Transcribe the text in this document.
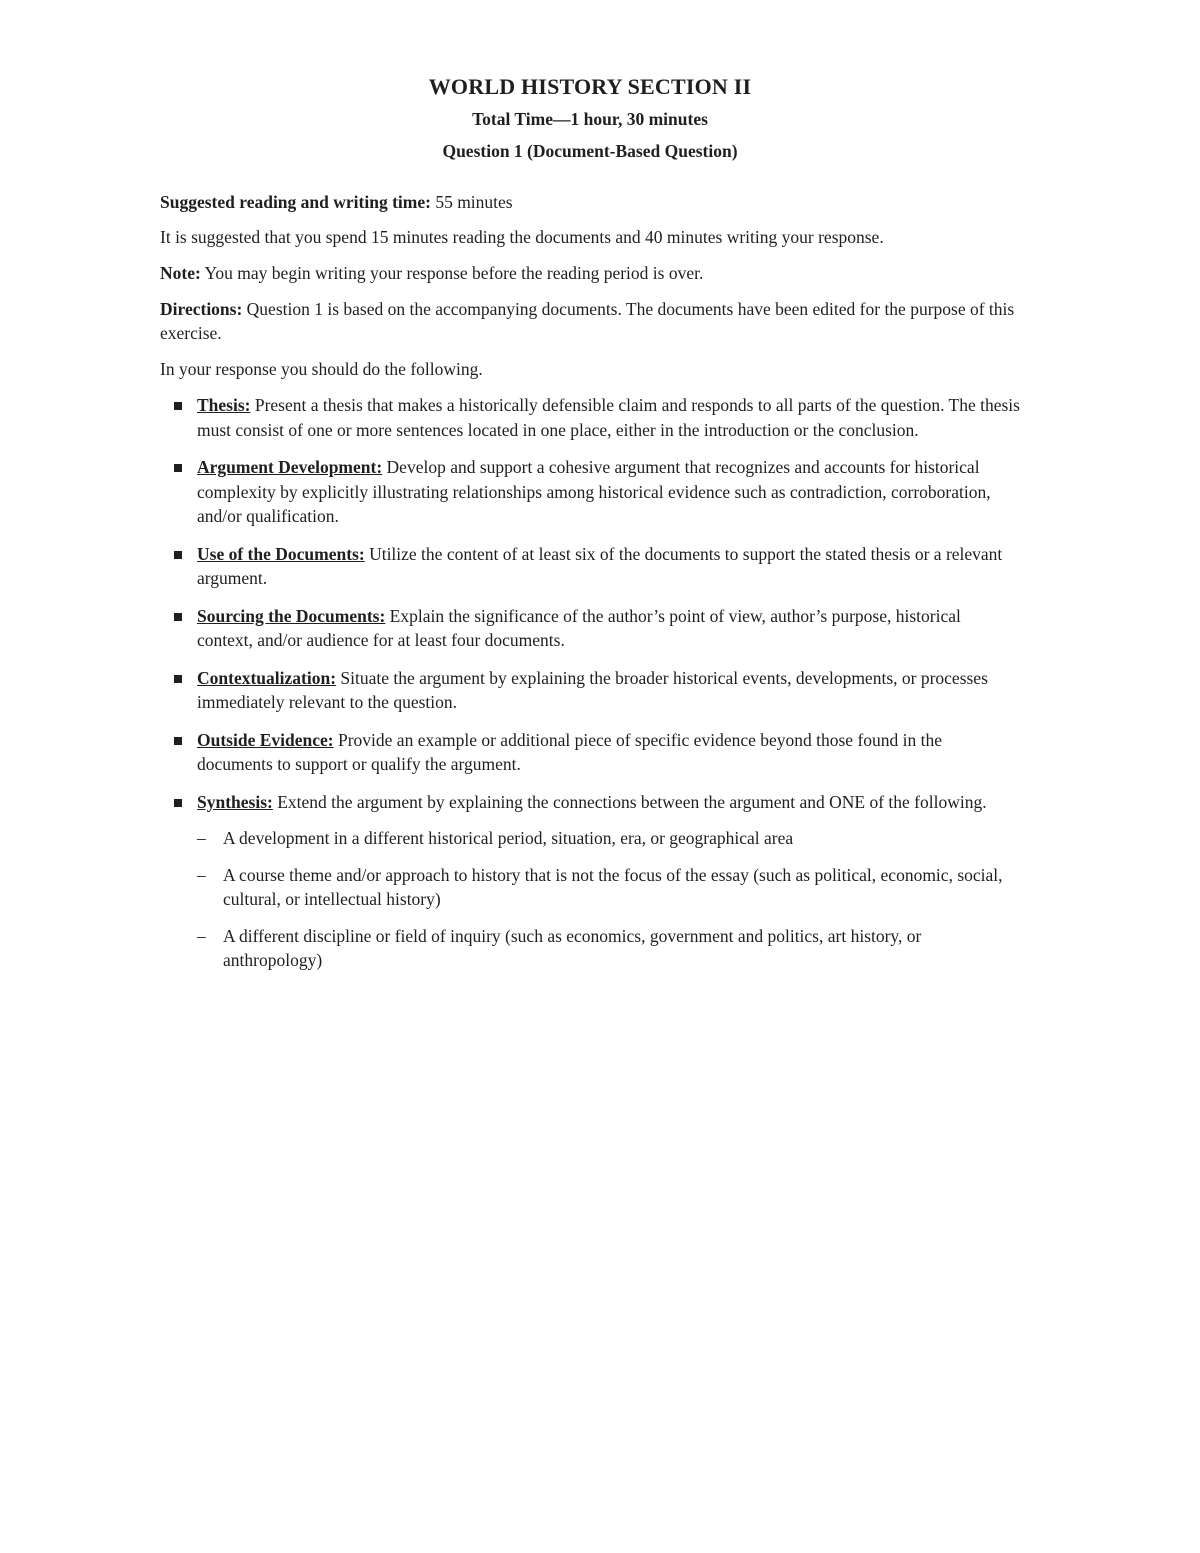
WORLD HISTORY SECTION II
Total Time—1 hour, 30 minutes
Question 1 (Document-Based Question)

Suggested reading and writing time: 55 minutes

It is suggested that you spend 15 minutes reading the documents and 40 minutes writing your response.

Note: You may begin writing your response before the reading period is over.

Directions: Question 1 is based on the accompanying documents. The documents have been edited for the purpose of this exercise.

In your response you should do the following.

Thesis: Present a thesis that makes a historically defensible claim and responds to all parts of the question. The thesis must consist of one or more sentences located in one place, either in the introduction or the conclusion.
Argument Development: Develop and support a cohesive argument that recognizes and accounts for historical complexity by explicitly illustrating relationships among historical evidence such as contradiction, corroboration, and/or qualification.
Use of the Documents: Utilize the content of at least six of the documents to support the stated thesis or a relevant argument.
Sourcing the Documents: Explain the significance of the author’s point of view, author’s purpose, historical context, and/or audience for at least four documents.
Contextualization: Situate the argument by explaining the broader historical events, developments, or processes immediately relevant to the question.
Outside Evidence: Provide an example or additional piece of specific evidence beyond those found in the documents to support or qualify the argument.
Synthesis: Extend the argument by explaining the connections between the argument and ONE of the following.
– A development in a different historical period, situation, era, or geographical area
– A course theme and/or approach to history that is not the focus of the essay (such as political, economic, social, cultural, or intellectual history)
– A different discipline or field of inquiry (such as economics, government and politics, art history, or anthropology)
